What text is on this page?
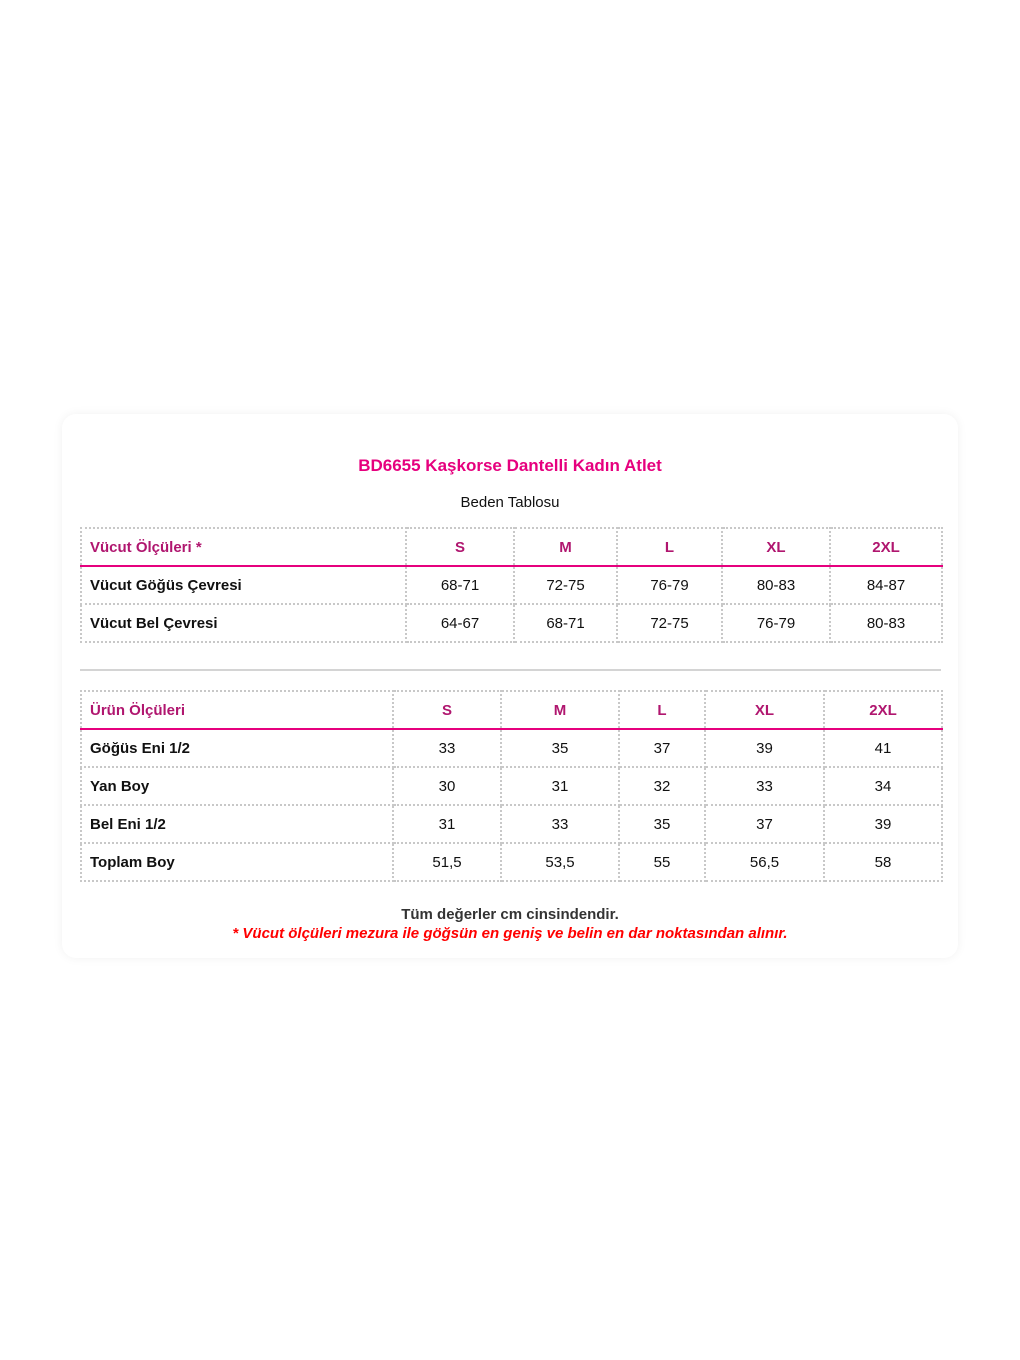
BD6655 Kaşkorse Dantelli Kadın Atlet
Beden Tablosu
Vücut Ölçüleri *	S	M	L	XL	2XL
Vücut Göğüs Çevresi	68-71	72-75	76-79	80-83	84-87
Vücut Bel Çevresi	64-67	68-71	72-75	76-79	80-83
Ürün Ölçüleri	S	M	L	XL	2XL
Göğüs Eni 1/2	33	35	37	39	41
Yan Boy	30	31	32	33	34
Bel Eni 1/2	31	33	35	37	39
Toplam Boy	51,5	53,5	55	56,5	58
Tüm değerler cm cinsindendir.
* Vücut ölçüleri mezura ile göğsün en geniş ve belin en dar noktasından alınır.
